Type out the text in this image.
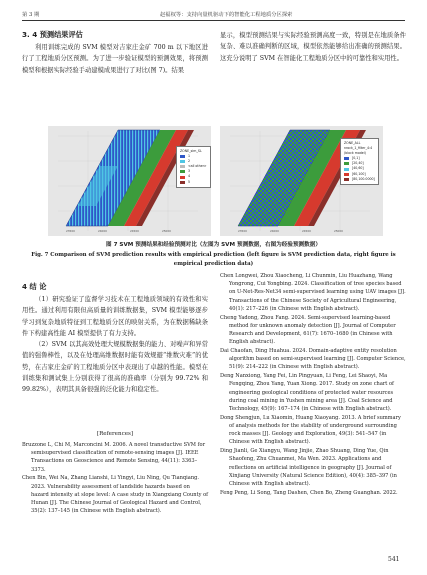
第 3 期	赵福权等：支持向量机驱动下的智能化工程地质分区探索
3. 4 预测结果评估

利用训练完成的 SVM 模型对吉家庄金矿 700 m 以下地区进行了工程地质分区预测。为了进一步验证模型的预测效果，将预测模型和根据实际经验手动建模成果进行了对比(图 7)。结果

显示，模型预测结果与实际经验预测高度一致，特别是在地质条件复杂、难以准确判断的区域，模型依然能够给出准确的预测结果。这充分说明了 SVM 在智能化工程地质分区中的可靠性和实用性。

23500	24000	24500	25000
ZONE_sim_SL
1
2
<all other>
3
4
5
23500	24000	24500	25000
ZONE_ALL
nrock_1_filter_4:4
(block model)
[0,1]
[20,40]
[40,60]
[60,100]
[80,100.0000]
图 7 SVM 预测结果和经验预测对比（左图为 SVM 预测数据，右图为经验预测数据）
Fig. 7 Comparison of SVM prediction results with empirical prediction (left figure is SVM prediction data, right figure is
empirical prediction data)
4 结 论

（1）研究验证了监督学习技术在工程地质领域的有效性和实用性。通过利用有限但高质量的训练数据集，SVM 模型能够逐步学习到复杂地质特征到工程地质分区的映射关系，为在数据稀缺条件下构建高性能 AI 模型提供了有力支持。

（2）SVM 以其高效处理大规模数据集的能力、对噪声和异常值的强鲁棒性，以及在处理高维数据时能有效规避“维数灾难”的优势，在吉家庄金矿的工程地质分区中表现出了卓越的性能。模型在训练集和测试集上分别获得了很高的准确率（分别为 99.72% 和 99.82%），表明其具备很强的泛化能力和稳定性。

[References]
Bruzzone L, Chi M, Marconcini M. 2006. A novel transductive SVM for semisupervised classification of remote-sensing images [J]. IEEE Transactions on Geoscience and Remote Sensing, 44(11): 3363–3373.
Chen Bin, Wei Na, Zhang Lianshi, Li Yingyi, Liu Ning, Qu Tianqiang. 2023. Vulnerability assessment of landslide hazards based on hazard intensity at slope level: A case study in Xiangxiang County of Hunan [J]. The Chinese Journal of Geological Hazard and Control, 35(2): 137–145 (in Chinese with English abstract).
Chen Longwei, Zhou Xiaocheng, Li Chunmin, Liu Huazhang, Wang Yongrong, Cui Yongbing. 2024. Classification of tree species based on U-Net-Res-Net34 semi-supervised learning using UAV images [J]. Transactions of the Chinese Society of Agricultural Engineering, 40(1): 217–226 (in Chinese with English abstract).
Cheng Yadong, Zhou Fang. 2024. Semi-supervised learning-based method for unknown anomaly detection [J]. Journal of Computer Research and Development, 61(7): 1670–1680 (in Chinese with English abstract).
Dai Chaofan, Ding Huahua. 2024. Domain-adaptive entity resolution algorithm based on semi-supervised learning [J]. Computer Science, 51(9): 214–222 (in Chinese with English abstract).
Deng Nanxiong, Yang Fei, Lin Pingyuan, Li Feng, Lei Shaoyi, Ma Fengqing, Zhou Yang, Yuan Xiong. 2017. Study on zone chart of engineering geological conditions of protected water resources during coal mining in Yushen mining area [J]. Coal Science and Technology, 45(9): 167–174 (in Chinese with English abstract).
Dong Shengjun, Lu Xiaomin, Huang Xiaoyang. 2013. A brief summary of analysis methods for the stability of underground surrounding rock masses [J]. Geology and Exploration, 49(3): 541–547 (in Chinese with English abstract).
Ding Jianli, Ge Xiangyu, Wang Jinjie, Zhao Shuang, Ding Yue, Qin Shaofeng, Zhu Chuanmei, Ma Wen. 2023. Applications and reflections on artificial intelligence in geography [J]. Journal of Xinjiang University (Natural Science Edition), 40(4): 385–397 (in Chinese with English abstract).
Feng Peng, Li Song, Tang Dashen, Chen Bo, Zheng Guanghan. 2022.
541
